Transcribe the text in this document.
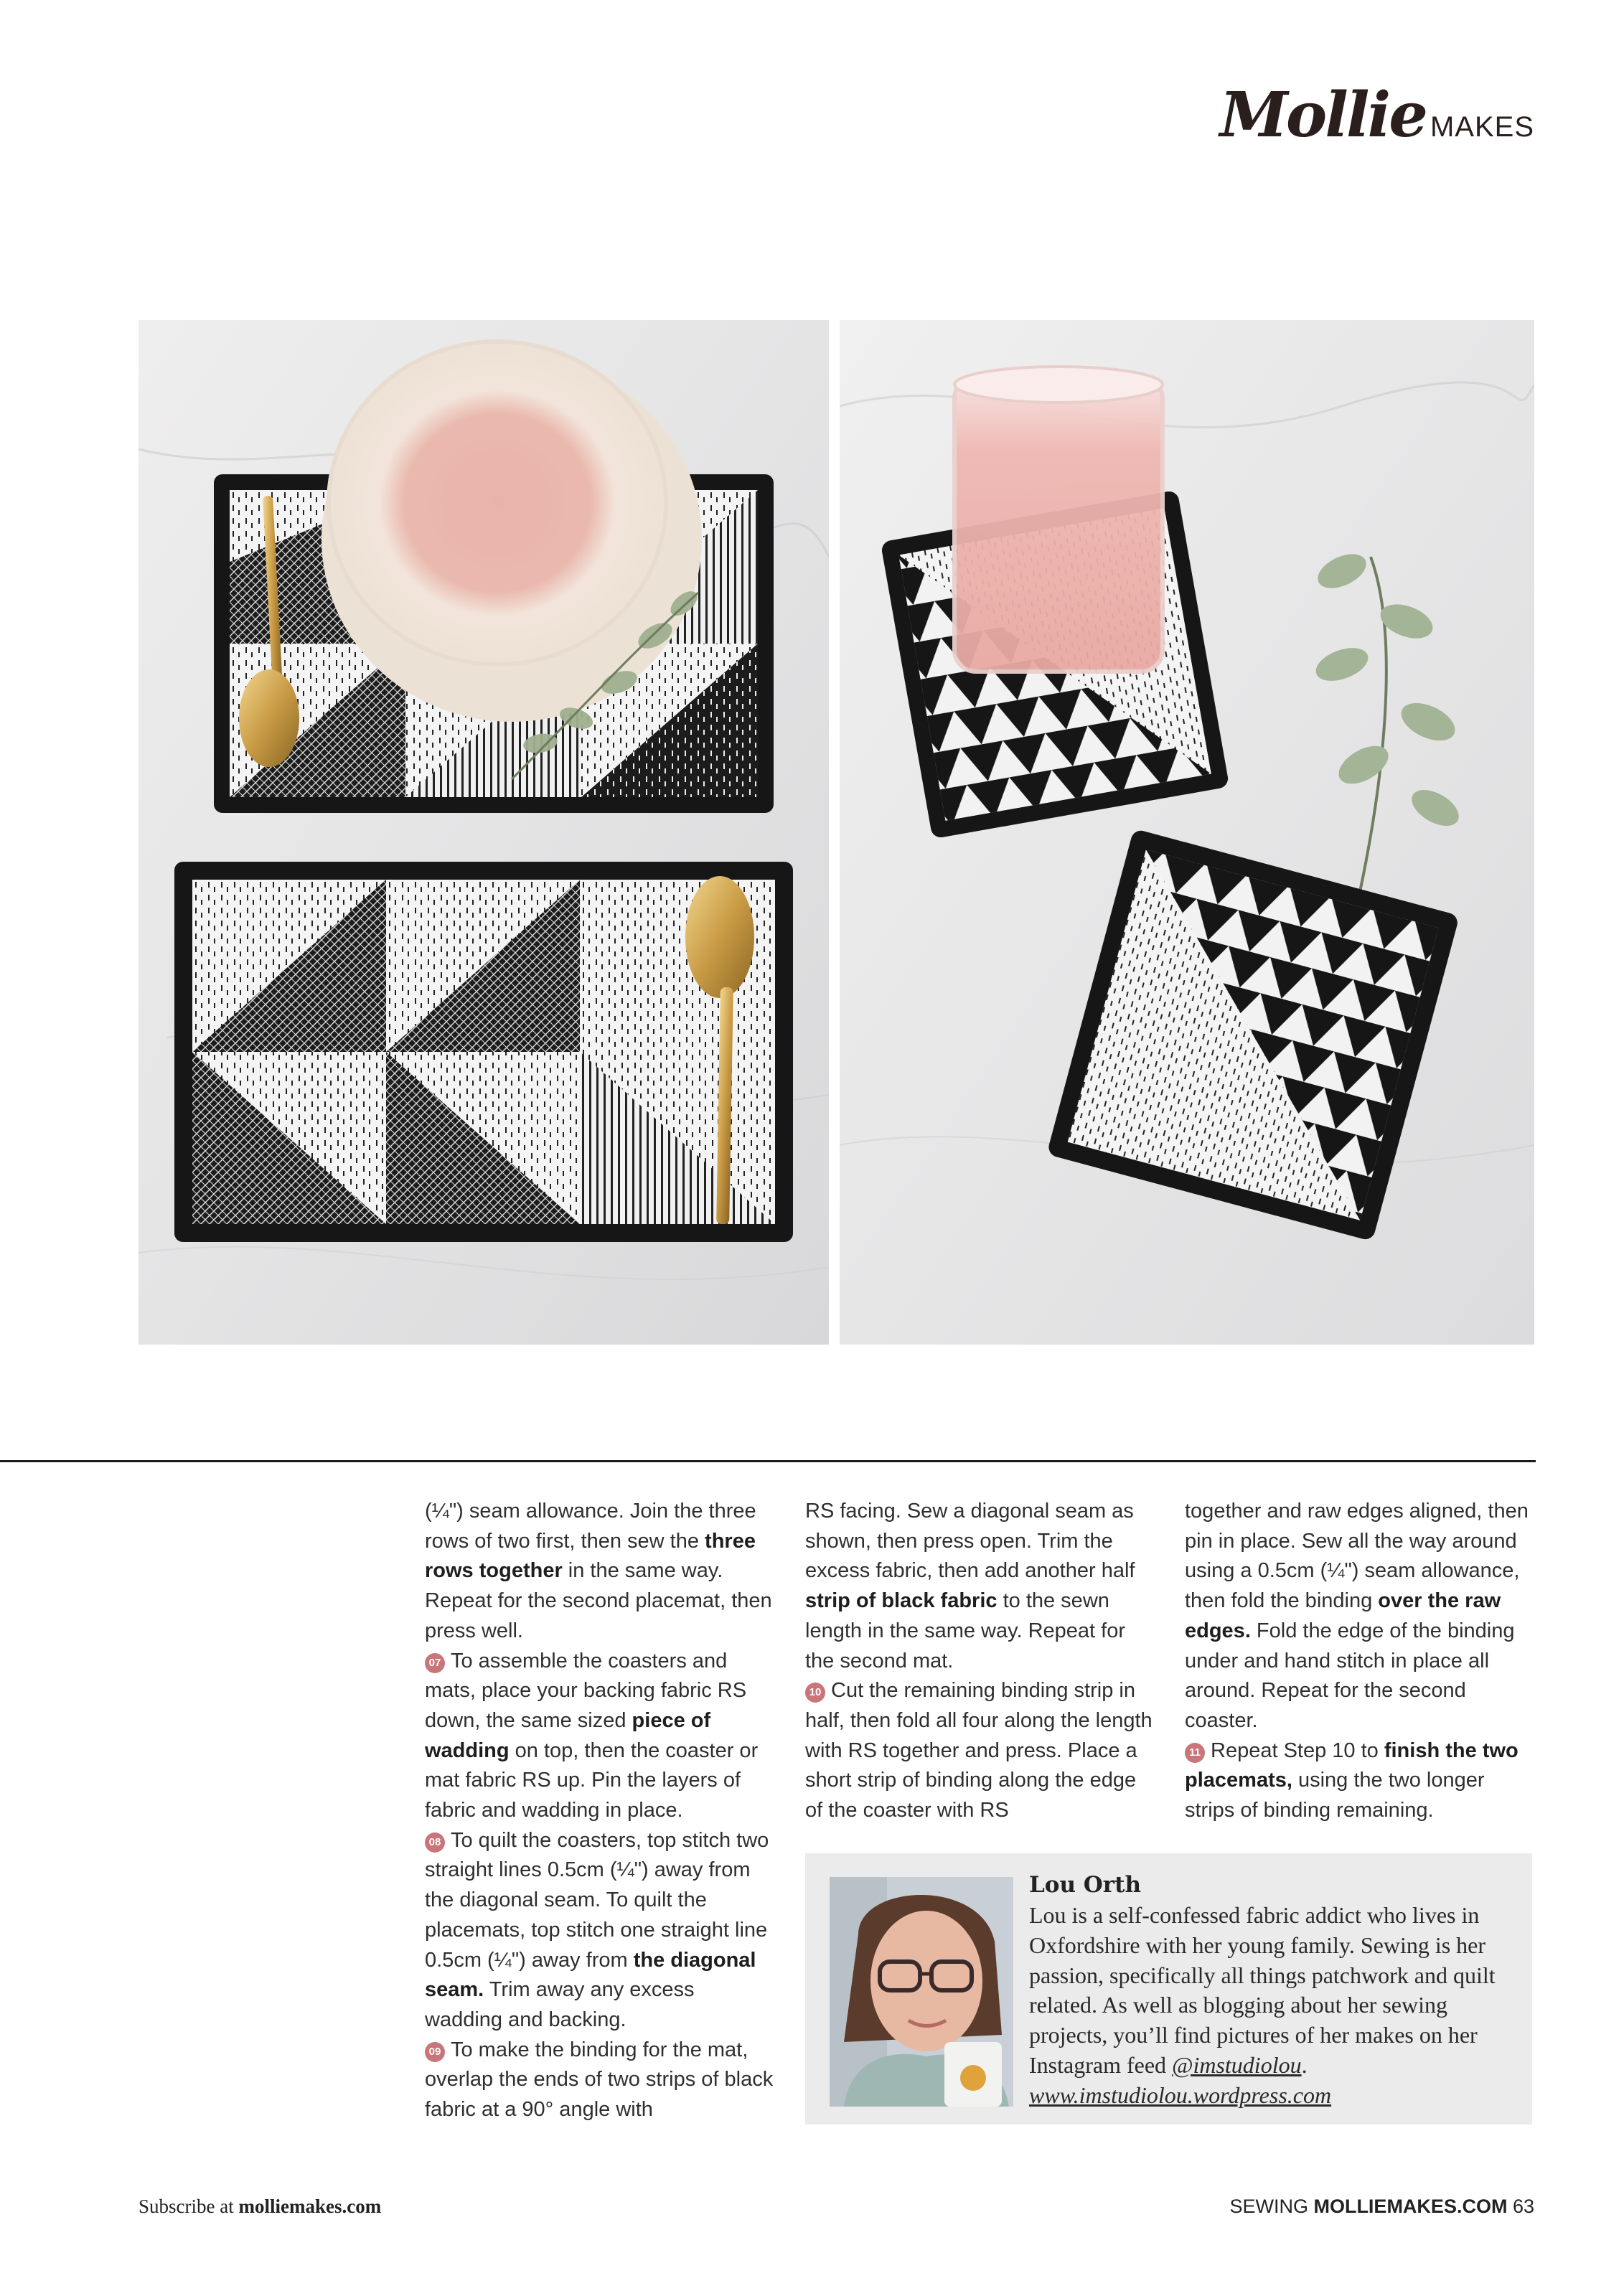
Mollie MAKES

(¼") seam allowance. Join the three rows of two first, then sew the three rows together in the same way. Repeat for the second placemat, then press well.
07 To assemble the coasters and mats, place your backing fabric RS down, the same sized piece of wadding on top, then the coaster or mat fabric RS up. Pin the layers of fabric and wadding in place.
08 To quilt the coasters, top stitch two straight lines 0.5cm (¼") away from the diagonal seam. To quilt the placemats, top stitch one straight line 0.5cm (¼") away from the diagonal seam. Trim away any excess wadding and backing.
09 To make the binding for the mat, overlap the ends of two strips of black fabric at a 90° angle with

RS facing. Sew a diagonal seam as shown, then press open. Trim the excess fabric, then add another half strip of black fabric to the sewn length in the same way. Repeat for the second mat.
10 Cut the remaining binding strip in half, then fold all four along the length with RS together and press. Place a short strip of binding along the edge of the coaster with RS

together and raw edges aligned, then pin in place. Sew all the way around using a 0.5cm (¼") seam allowance, then fold the binding over the raw edges. Fold the edge of the binding under and hand stitch in place all around. Repeat for the second coaster.
11 Repeat Step 10 to finish the two placemats, using the two longer strips of binding remaining.

Lou Orth
Lou is a self-confessed fabric addict who lives in Oxfordshire with her young family. Sewing is her passion, specifically all things patchwork and quilt related. As well as blogging about her sewing projects, you’ll find pictures of her makes on her Instagram feed @imstudiolou.
www.imstudiolou.wordpress.com
Subscribe at molliemakes.com	SEWING MOLLIEMAKES.COM 63
